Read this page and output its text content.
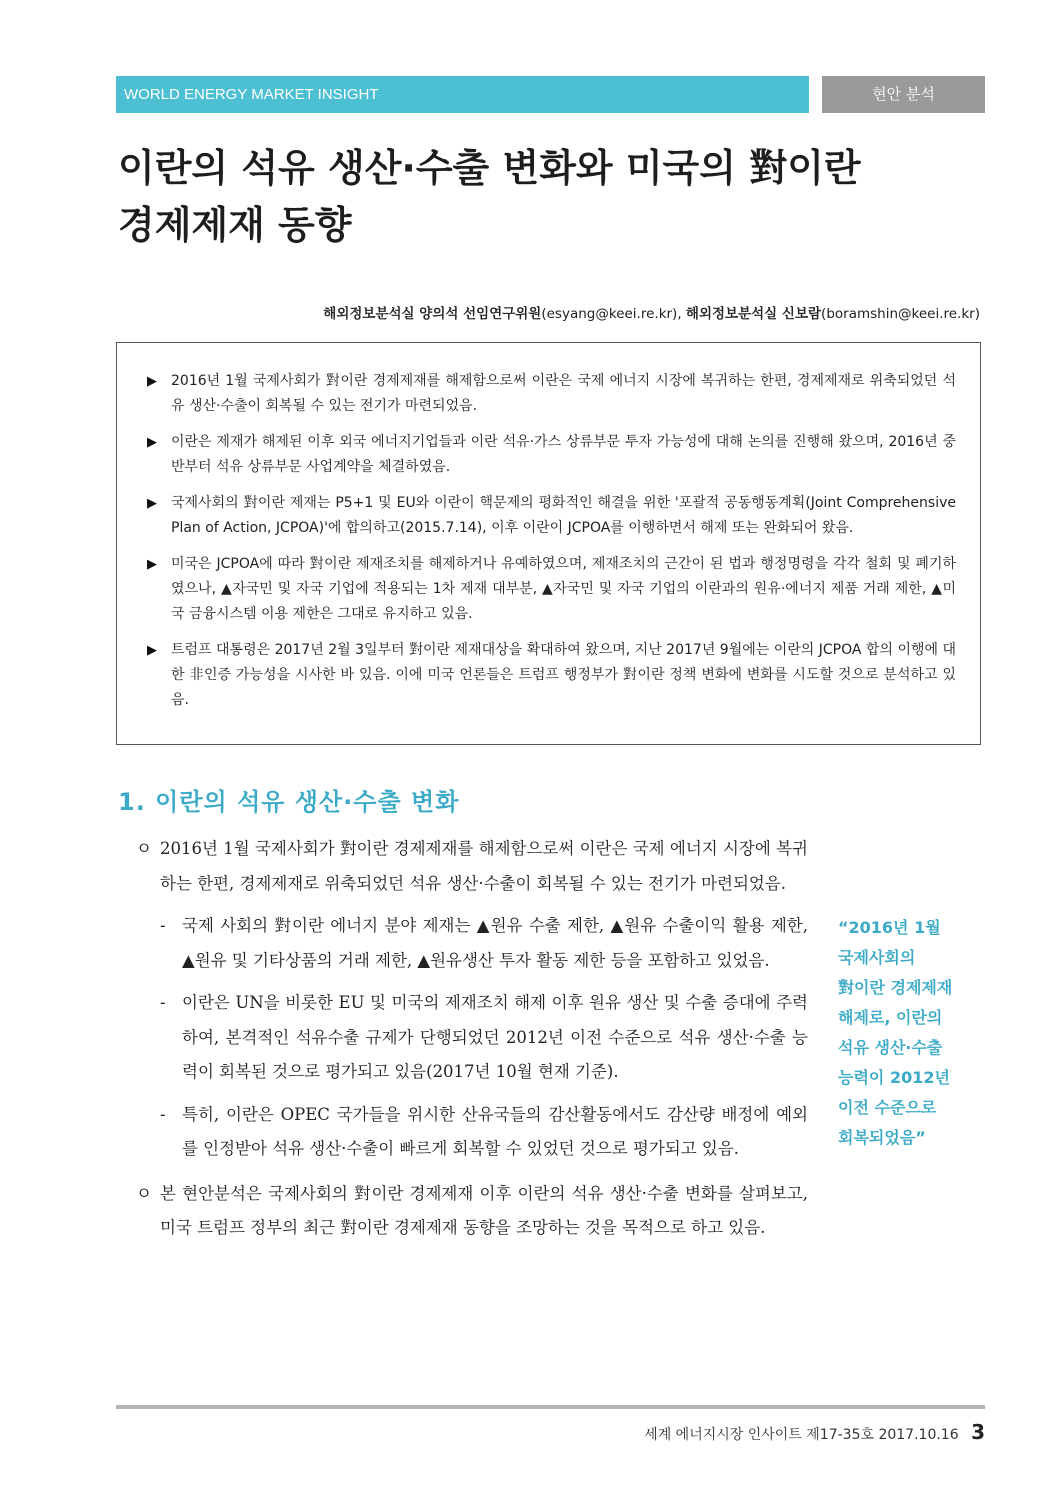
WORLD ENERGY MARKET INSIGHT	현안 분석
이란의 석유 생산·수출 변화와 미국의 對이란
경제제재 동향
해외정보분석실 양의석 선임연구위원(esyang@keei.re.kr), 해외정보분석실 신보람(boramshin@keei.re.kr)
▶	2016년 1월 국제사회가 對이란 경제제재를 해제함으로써 이란은 국제 에너지 시장에 복귀하는 한편, 경제제재로 위축되었던 석유 생산·수출이 회복될 수 있는 전기가 마련되었음.
▶	이란은 제재가 해제된 이후 외국 에너지기업들과 이란 석유·가스 상류부문 투자 가능성에 대해 논의를 진행해 왔으며, 2016년 중반부터 석유 상류부문 사업계약을 체결하였음.
▶	국제사회의 對이란 제재는 P5+1 및 EU와 이란이 핵문제의 평화적인 해결을 위한 '포괄적 공동행동계획(Joint Comprehensive Plan of Action, JCPOA)'에 합의하고(2015.7.14), 이후 이란이 JCPOA를 이행하면서 해제 또는 완화되어 왔음.
▶	미국은 JCPOA에 따라 對이란 제재조치를 해제하거나 유예하였으며, 제재조치의 근간이 된 법과 행정명령을 각각 철회 및 폐기하였으나, ▲자국민 및 자국 기업에 적용되는 1차 제재 대부분, ▲자국민 및 자국 기업의 이란과의 원유·에너지 제품 거래 제한, ▲미국 금융시스템 이용 제한은 그대로 유지하고 있음.
▶	트럼프 대통령은 2017년 2월 3일부터 對이란 제재대상을 확대하여 왔으며, 지난 2017년 9월에는 이란의 JCPOA 합의 이행에 대한 非인증 가능성을 시사한 바 있음. 이에 미국 언론들은 트럼프 행정부가 對이란 정책 변화에 변화를 시도할 것으로 분석하고 있음.
1. 이란의 석유 생산·수출 변화
ㅇ 2016년 1월 국제사회가 對이란 경제제재를 해제함으로써 이란은 국제 에너지 시장에 복귀하는 한편, 경제제재로 위축되었던 석유 생산·수출이 회복될 수 있는 전기가 마련되었음.
- 국제 사회의 對이란 에너지 분야 제재는 ▲원유 수출 제한, ▲원유 수출이익 활용 제한, ▲원유 및 기타상품의 거래 제한, ▲원유생산 투자 활동 제한 등을 포함하고 있었음.
- 이란은 UN을 비롯한 EU 및 미국의 제재조치 해제 이후 원유 생산 및 수출 증대에 주력하여, 본격적인 석유수출 규제가 단행되었던 2012년 이전 수준으로 석유 생산·수출 능력이 회복된 것으로 평가되고 있음(2017년 10월 현재 기준).
- 특히, 이란은 OPEC 국가들을 위시한 산유국들의 감산활동에서도 감산량 배정에 예외를 인정받아 석유 생산·수출이 빠르게 회복할 수 있었던 것으로 평가되고 있음.
ㅇ 본 현안분석은 국제사회의 對이란 경제제재 이후 이란의 석유 생산·수출 변화를 살펴보고, 미국 트럼프 정부의 최근 對이란 경제제재 동향을 조망하는 것을 목적으로 하고 있음.
“2016년 1월
국제사회의
對이란 경제제재
해제로, 이란의
석유 생산·수출
능력이 2012년
이전 수준으로
회복되었음”
세계 에너지시장 인사이트 제17-35호 2017.10.16 3
